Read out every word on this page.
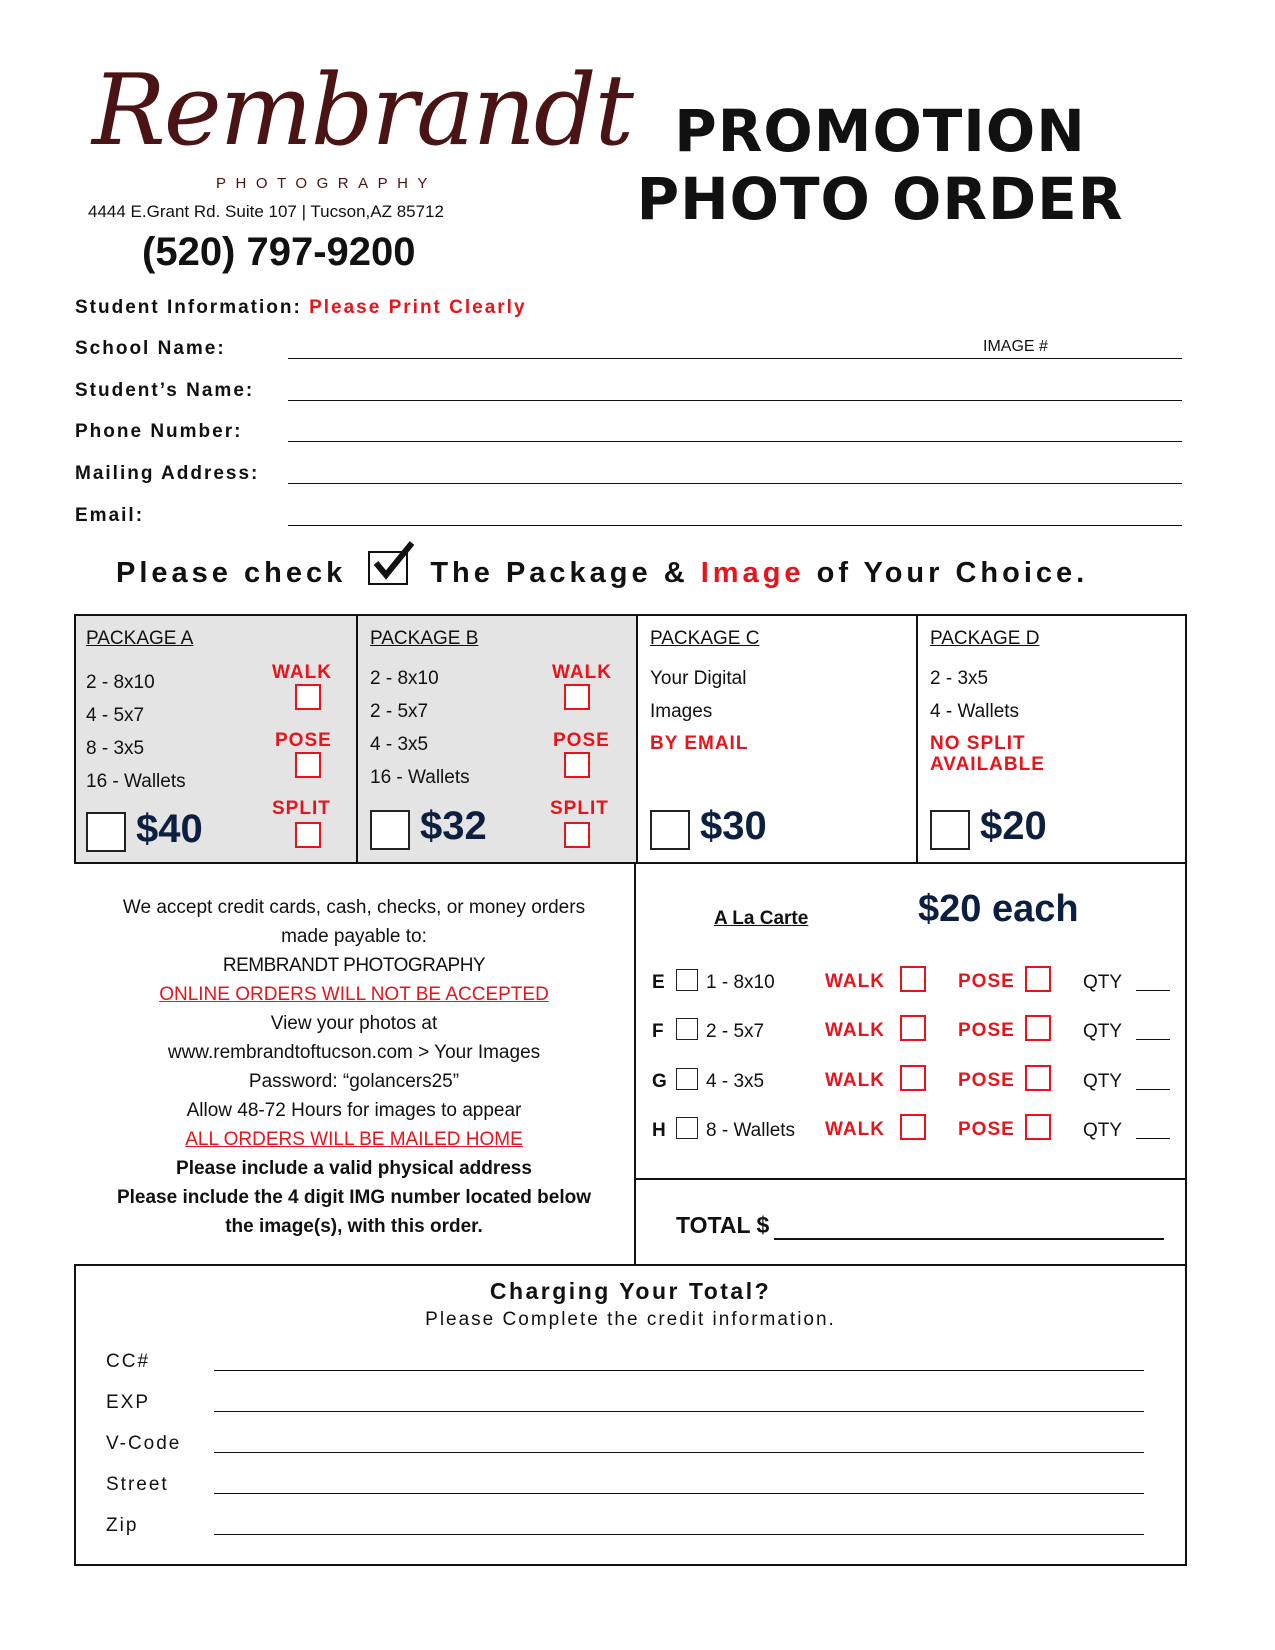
Rembrandt
PHOTOGRAPHY
4444 E.Grant Rd. Suite 107 | Tucson,AZ 85712
(520) 797-9200
PROMOTION
PHOTO ORDER
Student Information: Please Print Clearly
IMAGE #
School Name:
Student’s Name:
Phone Number:
Mailing Address:
Email:
Please check	The Package & Image of Your Choice.
PACKAGE A
2 - 8x10
4 - 5x7
8 - 3x5
16 - Wallets
$40
WALK
POSE
SPLIT
PACKAGE B
2 - 8x10
2 - 5x7
4 - 3x5
16 - Wallets
$32
WALK
POSE
SPLIT
PACKAGE C
Your Digital
Images
BY EMAIL
$30
PACKAGE D
2 - 3x5
4 - Wallets
NO SPLIT
AVAILABLE
$20
We accept credit cards, cash, checks, or money orders
made payable to:
REMBRANDT PHOTOGRAPHY
ONLINE ORDERS WILL NOT BE ACCEPTED
View your photos at
www.rembrandtoftucson.com > Your Images
Password: “golancers25”
Allow 48-72 Hours for images to appear
ALL ORDERS WILL BE MAILED HOME
Please include a valid physical address
Please include the 4 digit IMG number located below
the image(s), with this order.
A La Carte	$20 each
E 1 - 8x10	WALK	POSE	QTY
F 2 - 5x7	WALK	POSE	QTY
G 4 - 3x5	WALK	POSE	QTY
H 8 - Wallets WALK	POSE	QTY
TOTAL $
Charging Your Total?
Please Complete the credit information.
CC#
EXP
V-Code
Street
Zip
